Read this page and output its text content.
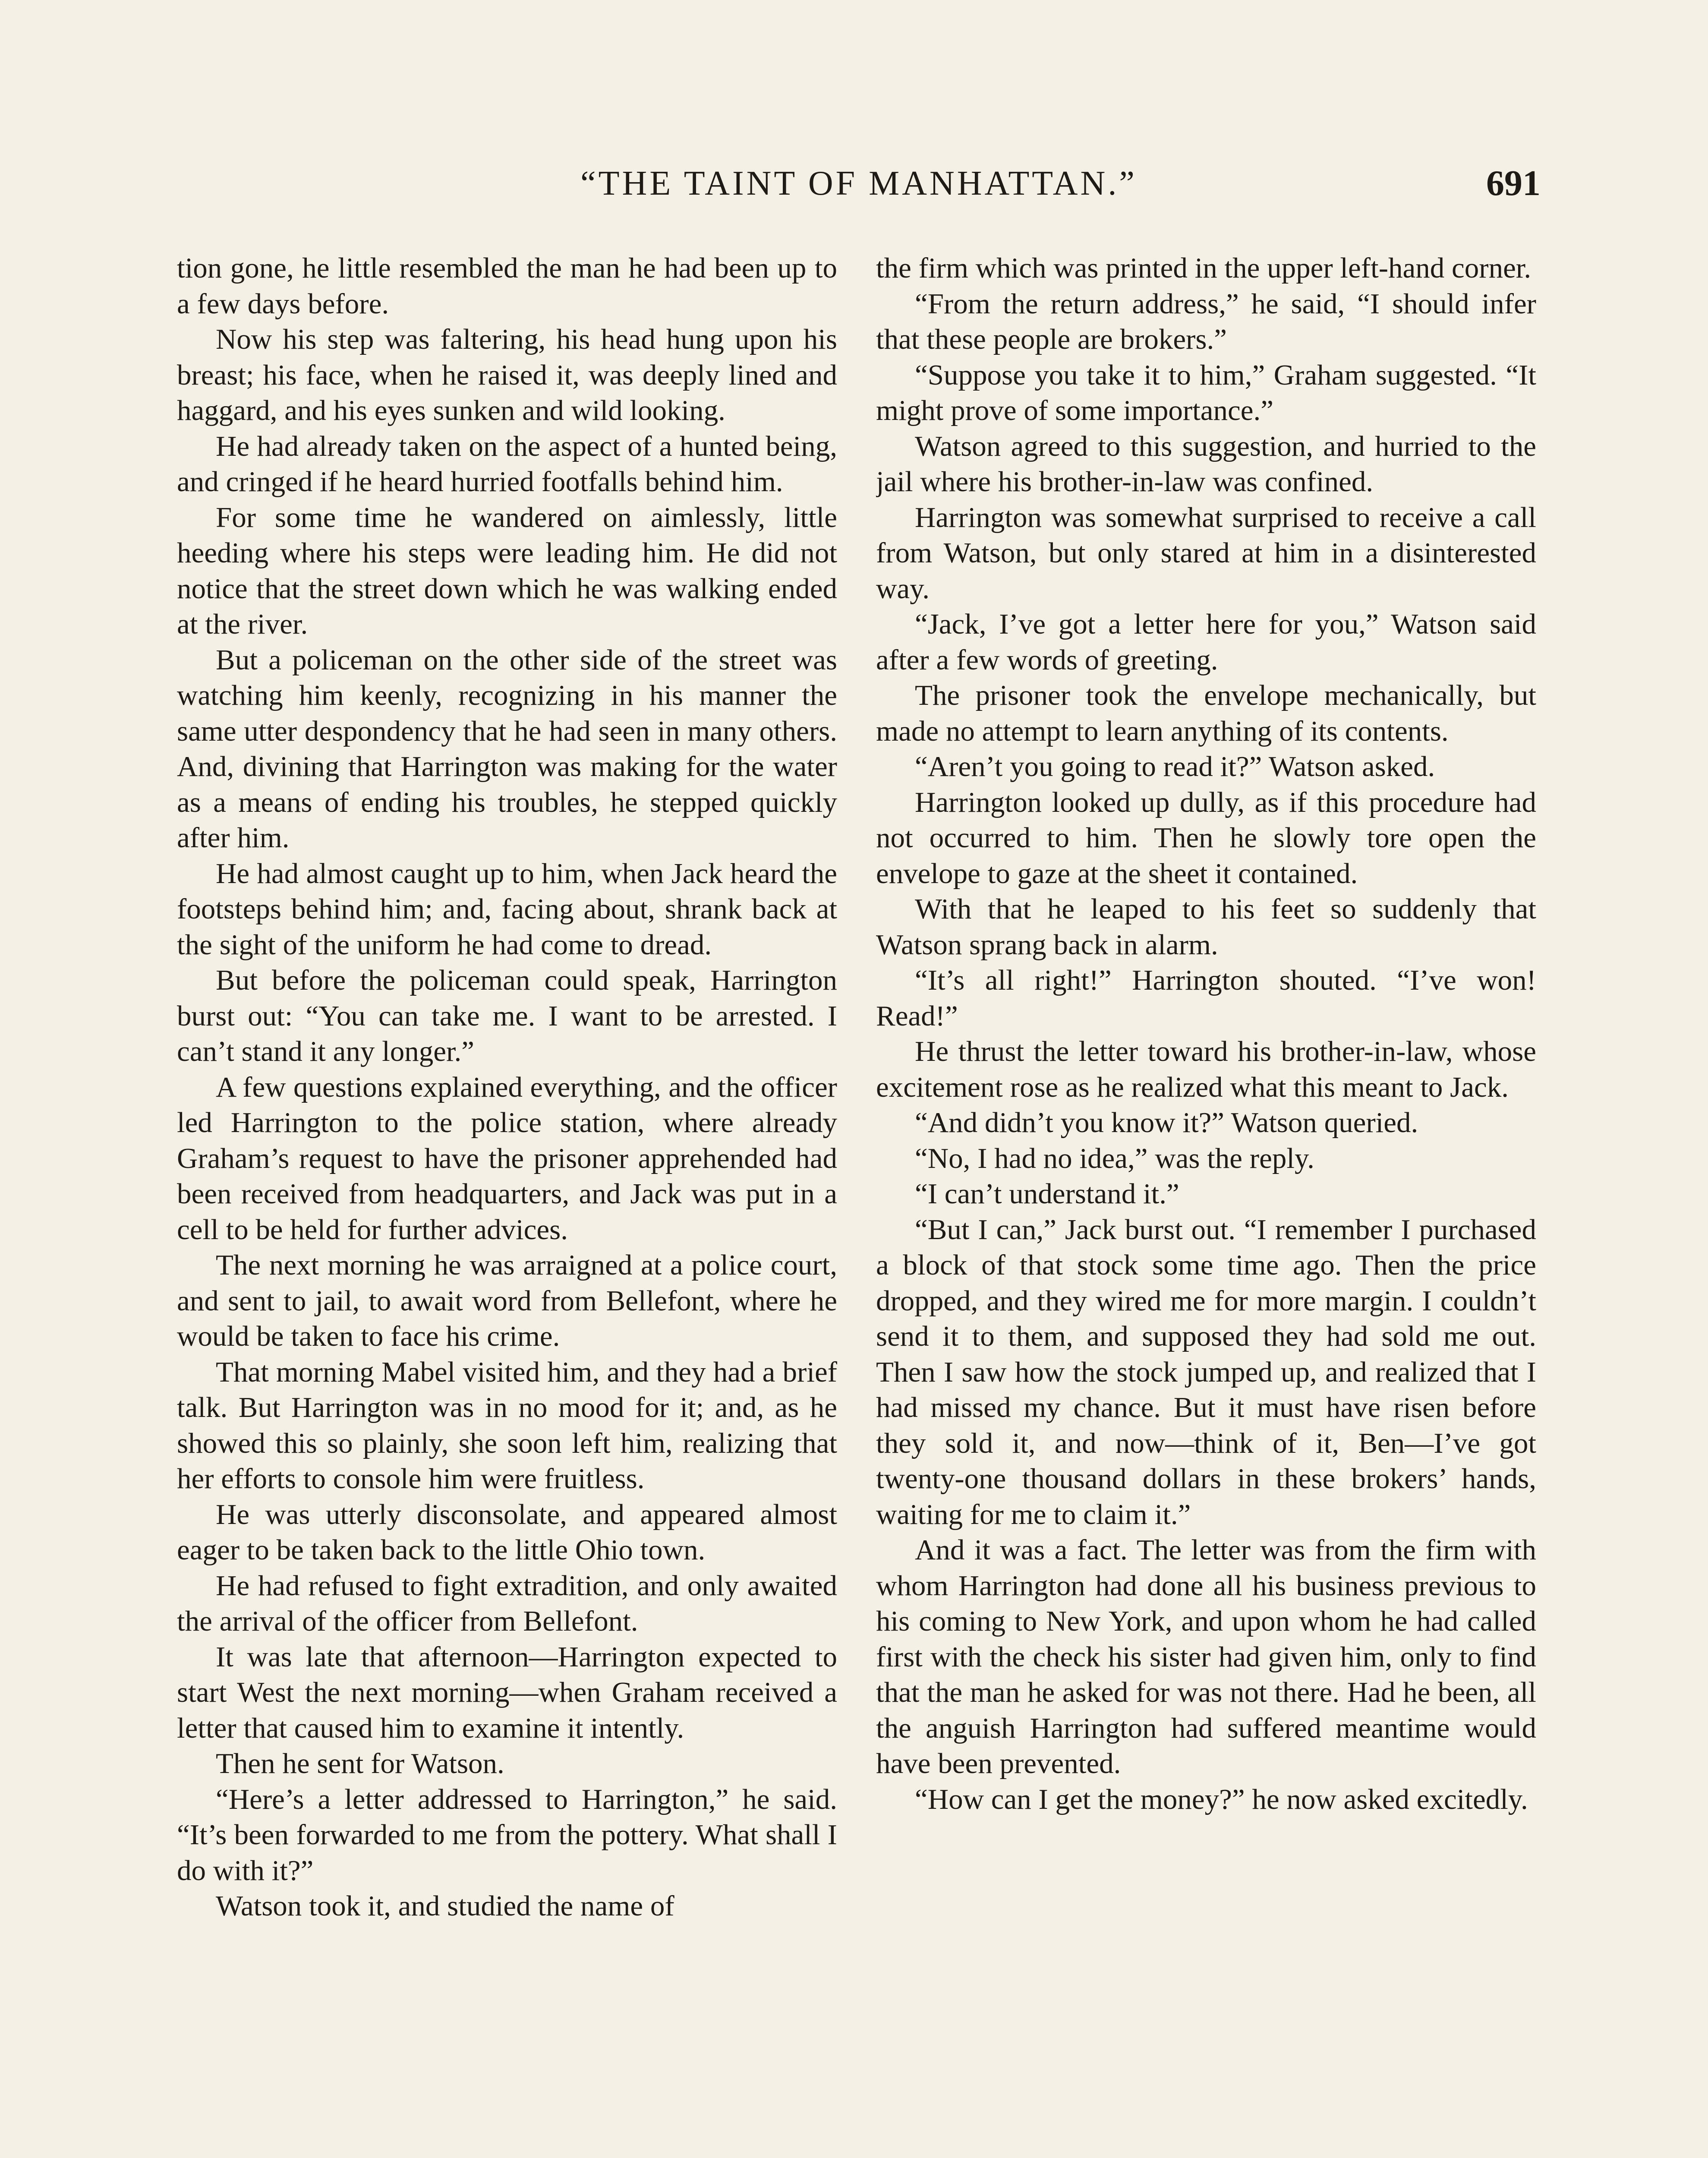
“THE TAINT OF MANHATTAN.”	691

tion gone, he little resembled the man he had been up to a few days before.

Now his step was faltering, his head hung upon his breast; his face, when he raised it, was deeply lined and haggard, and his eyes sunken and wild looking.

He had already taken on the aspect of a hunted being, and cringed if he heard hurried footfalls behind him.

For some time he wandered on aimlessly, little heeding where his steps were leading him. He did not notice that the street down which he was walking ended at the river.

But a policeman on the other side of the street was watching him keenly, recognizing in his manner the same utter despondency that he had seen in many others. And, divining that Harrington was making for the water as a means of ending his troubles, he stepped quickly after him.

He had almost caught up to him, when Jack heard the footsteps behind him; and, facing about, shrank back at the sight of the uniform he had come to dread.

But before the policeman could speak, Harrington burst out: “You can take me. I want to be arrested. I can’t stand it any longer.”

A few questions explained everything, and the officer led Harrington to the police station, where already Graham’s request to have the prisoner apprehended had been received from headquarters, and Jack was put in a cell to be held for further advices.

The next morning he was arraigned at a police court, and sent to jail, to await word from Bellefont, where he would be taken to face his crime.

That morning Mabel visited him, and they had a brief talk. But Harrington was in no mood for it; and, as he showed this so plainly, she soon left him, realizing that her efforts to console him were fruitless.

He was utterly disconsolate, and appeared almost eager to be taken back to the little Ohio town.

He had refused to fight extradition, and only awaited the arrival of the officer from Bellefont.

It was late that afternoon—Harrington expected to start West the next morning—when Graham received a letter that caused him to examine it intently.

Then he sent for Watson.

“Here’s a letter addressed to Harrington,” he said. “It’s been forwarded to me from the pottery. What shall I do with it?”

Watson took it, and studied the name of

the firm which was printed in the upper left-hand corner.

“From the return address,” he said, “I should infer that these people are brokers.”

“Suppose you take it to him,” Graham suggested. “It might prove of some importance.”

Watson agreed to this suggestion, and hurried to the jail where his brother-in-law was confined.

Harrington was somewhat surprised to receive a call from Watson, but only stared at him in a disinterested way.

“Jack, I’ve got a letter here for you,” Watson said after a few words of greeting.

The prisoner took the envelope mechanically, but made no attempt to learn anything of its contents.

“Aren’t you going to read it?” Watson asked.

Harrington looked up dully, as if this procedure had not occurred to him. Then he slowly tore open the envelope to gaze at the sheet it contained.

With that he leaped to his feet so suddenly that Watson sprang back in alarm.

“It’s all right!” Harrington shouted. “I’ve won! Read!”

He thrust the letter toward his brother-in-law, whose excitement rose as he realized what this meant to Jack.

“And didn’t you know it?” Watson queried.

“No, I had no idea,” was the reply.

“I can’t understand it.”

“But I can,” Jack burst out. “I remember I purchased a block of that stock some time ago. Then the price dropped, and they wired me for more margin. I couldn’t send it to them, and supposed they had sold me out. Then I saw how the stock jumped up, and realized that I had missed my chance. But it must have risen before they sold it, and now—think of it, Ben—I’ve got twenty-one thousand dollars in these brokers’ hands, waiting for me to claim it.”

And it was a fact. The letter was from the firm with whom Harrington had done all his business previous to his coming to New York, and upon whom he had called first with the check his sister had given him, only to find that the man he asked for was not there. Had he been, all the anguish Harrington had suffered meantime would have been prevented.

“How can I get the money?” he now asked excitedly.
